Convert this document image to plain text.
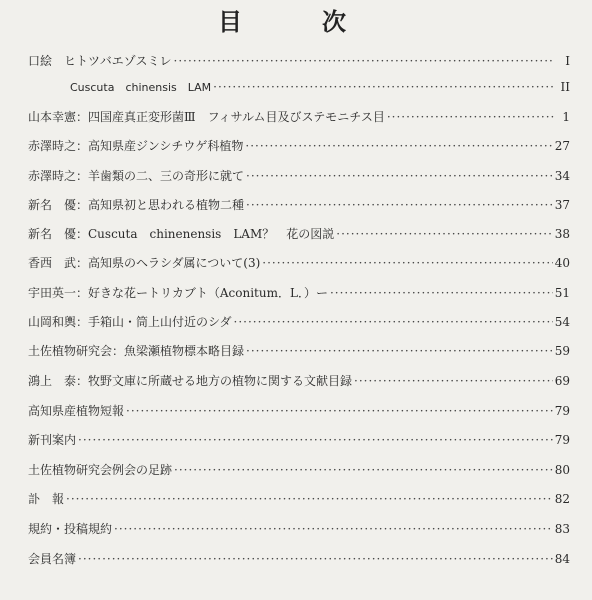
目　次
口絵　ヒトツバエゾスミレ ·····	I
Cuscuta　chinensis　LAM ·····	II
山本幸憲：四国産真正変形菌Ⅲ　フィサルム目及びステモニチス目 ·····	1
赤澤時之：高知県産ジンシチウゲ科植物 ·····	27
赤澤時之：羊歯類の二、三の奇形に就て ·····	34
新名　優：高知県初と思われる植物二種 ·····	37
新名　優：Cuscuta　chinenensis　LAM？　花の図説 ·····	38
香西　武：高知県のヘラシダ属について(3) ·····	40
宇田英一：好きな花ートリカブト（Aconitum．L．）ー ·····	51
山岡和輿：手箱山・筒上山付近のシダ ·····	54
土佐植物研究会：魚梁瀬植物標本略目録 ·····	59
鴻上　泰：牧野文庫に所蔵せる地方の植物に関する文献目録 ·····	69
高知県産植物短報 ·····	79
新刊案内 ·····	79
土佐植物研究会例会の足跡 ·····	80
訃　報 ·····	82
規約・投稿規約 ·····	83
会員名簿 ·····	84
